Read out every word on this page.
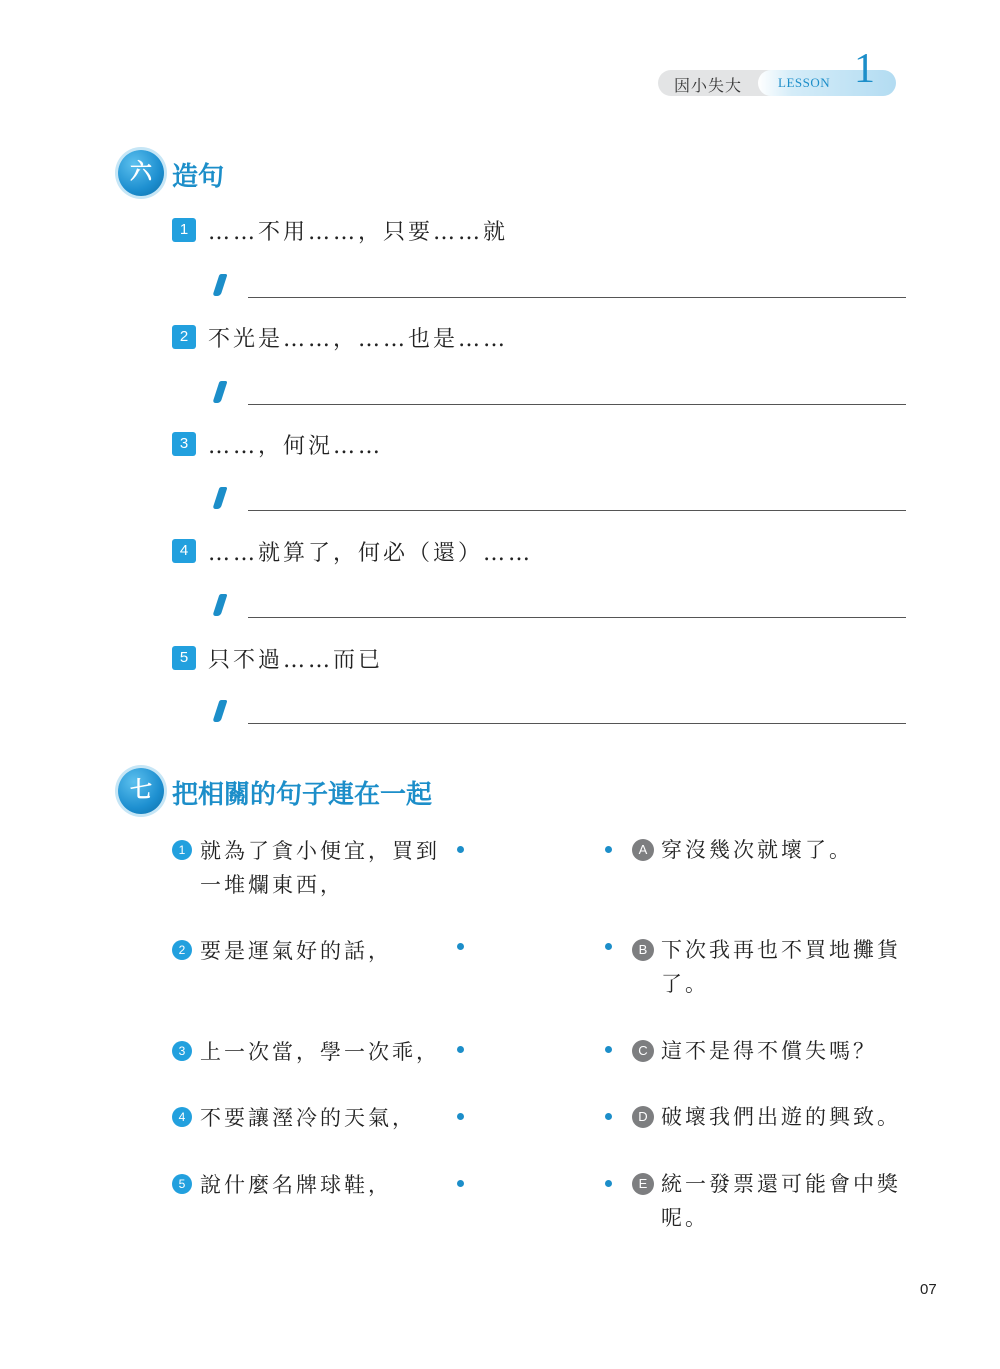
因小失大	LESSON 1
六 造句
1 ……不用……，只要……就
2 不光是……，……也是……
3 ……，何況……
4 ……就算了，何必（還）……
5 只不過……而已
七 把相關的句子連在一起
1 就為了貪小便宜，買到一堆爛東西，
2 要是運氣好的話，
3 上一次當，學一次乖，
4 不要讓溼冷的天氣，
5 說什麼名牌球鞋，
A 穿沒幾次就壞了。
B 下次我再也不買地攤貨了。
C 這不是得不償失嗎？
D 破壞我們出遊的興致。
E 統一發票還可能會中獎呢。
07
